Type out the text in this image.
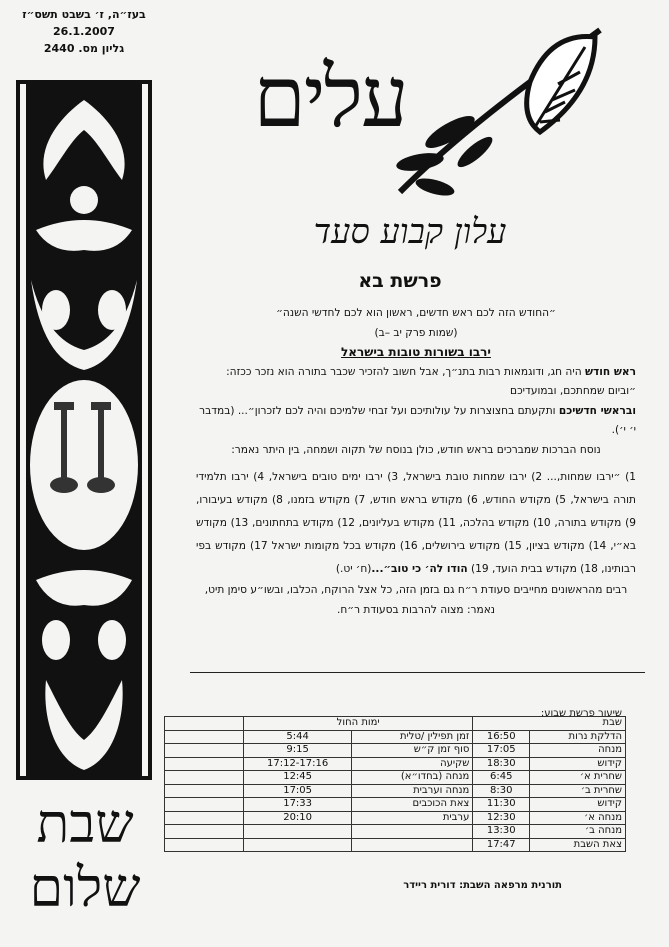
בעז״ה, ז׳ בשבט תשס״ז
26.1.2007
גליון מס. 2440	עלים
עלון קבוע סעד
פרשת בא

״החודש הזה לכם ראש חדשים, ראשון הוא לכם לחדשי השנה״

(שמות פרק יב –ב)

ירבו בשורות טובות בישראל

ראש חודש היה חג, ודוגמאות רבות בתנ״ך, אבל חשוב להזכיר שכבר בתורה הוא נזכר ככזה: ״וביום שמחתכם, ובמועדיכם

ובראשי חדשיכם ותקעתם בחצוצרות על עולותיכם ועל זבחי שלמיכם והיה לכם לזכרון״... (במדבר י׳ י׳).

נוסח הברכות שמברכים בראש חודש, כולן בנוסח של תקוה ושמחה, בין היתר נאמר:

1) ״ירבו שמחות,... 2) ירבו שמחות טובת בישראל, 3) ירבו ימים טובים בישראל, 4) ירבו תלמידי תורה בישראל, 5) מקודש החודש, 6) מקודש בראש חודש, 7) מקודש בזמנו, 8) מקודש בעיבורו, 9) מקודש בתורה, 10) מקודש בהלכה, 11) מקודש בעליונים, 12) מקודש בתחתונים, 13) מקודש בא״י, 14) מקודש בציון, 15) מקודש בירושלים, 16) מקודש בכל מקומות ישראל 17) מקודש בפי רבותינו, 18) מקודש בבית הועד, 19) הודו לה׳ כי טוב״...(ח׳ יט.)

רבים מהראשונים מחייבים סעודת ר״ח גם בזמן הזה, כל אצל הרוקח, הכלבו, ובשו״ע סימן תיט, נאמר: מצוה להרבות בסעודת ר״ח.

שיעור פרשת שבוע:
שבת		ימות החול		
הדלקת נרות	16:50	זמן תפילין /טלית	5:44	
מנחה	17:05	סוף זמן ק״ש	9:15	
קידוש	18:30	שקיעה	17:12-17:16	
שחרית א׳	6:45	מנחה (בחדו״א)	12:45	
שחרית ב׳	8:30	מנחה וערבית	17:05	
קידוש	11:30	צאת הכוכבים	17:33	
מנחה א׳	12:30	ערבית	20:10	
מנחה ב׳	13:30			
צאת השבת	17:47			
תורנית מרפאה השבת: דורית ריידר
שבת
שלום
